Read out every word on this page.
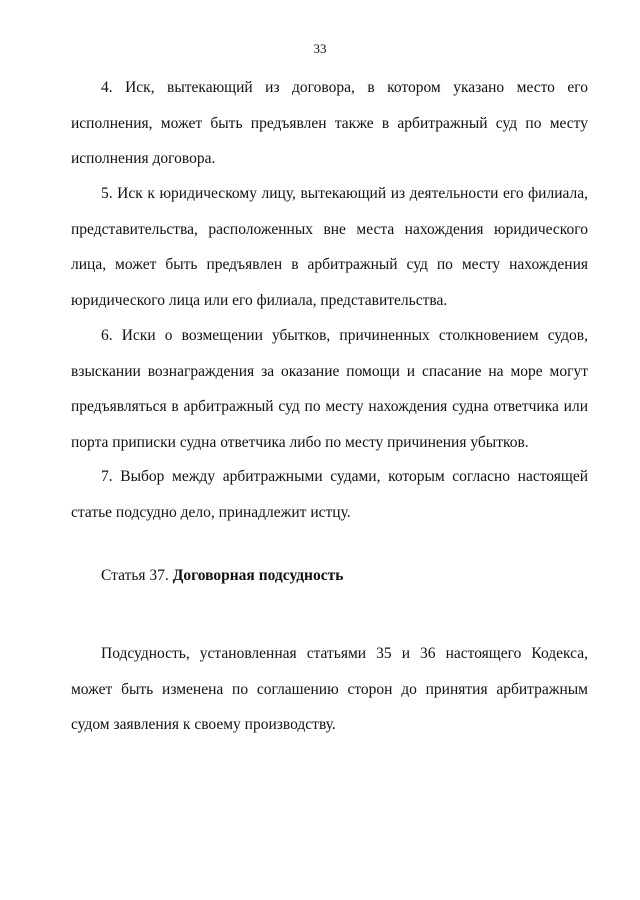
33

4. Иск, вытекающий из договора, в котором указано место его исполнения, может быть предъявлен также в арбитражный суд по месту исполнения договора.

5. Иск к юридическому лицу, вытекающий из деятельности его филиала, представительства, расположенных вне места нахождения юридического лица, может быть предъявлен в арбитражный суд по месту нахождения юридического лица или его филиала, представительства.

6. Иски о возмещении убытков, причиненных столкновением судов, взыскании вознаграждения за оказание помощи и спасание на море могут предъявляться в арбитражный суд по месту нахождения судна ответчика или порта приписки судна ответчика либо по месту причинения убытков.

7. Выбор между арбитражными судами, которым согласно настоящей статье подсудно дело, принадлежит истцу.

Статья 37. Договорная подсудность

Подсудность, установленная статьями 35 и 36 настоящего Кодекса, может быть изменена по соглашению сторон до принятия арбитражным судом заявления к своему производству.
